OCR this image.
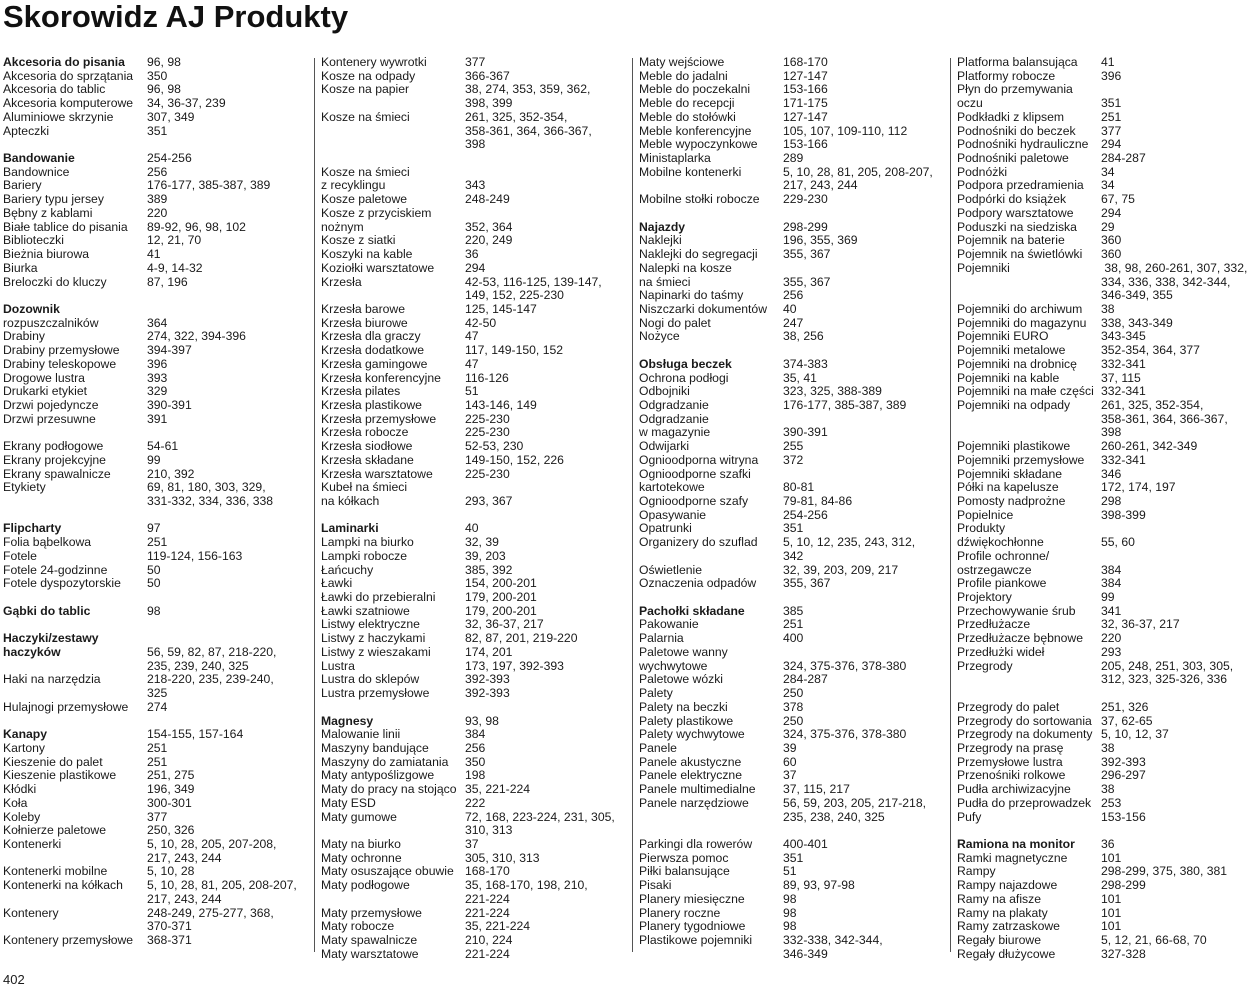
Skorowidz AJ Produkty
Akcesoria do pisania	96, 98
Akcesoria do sprzątania	350
Akcesoria do tablic	96, 98
Akcesoria komputerowe	34, 36-37, 239
Aluminiowe skrzynie	307, 349
Apteczki	351

Bandowanie	254-256
Bandownice	256
Bariery	176-177, 385-387, 389
Bariery typu jersey	389
Bębny z kablami	220
Białe tablice do pisania	89-92, 96, 98, 102
Biblioteczki	12, 21, 70
Bieżnia biurowa	41
Biurka	4-9, 14-32
Breloczki do kluczy	87, 196

Dozownik
rozpuszczalników	364
Drabiny	274, 322, 394-396
Drabiny przemysłowe	394-397
Drabiny teleskopowe	396
Drogowe lustra	393
Drukarki etykiet	329
Drzwi pojedyncze	390-391
Drzwi przesuwne	391

Ekrany podłogowe	54-61
Ekrany projekcyjne	99
Ekrany spawalnicze	210, 392
Etykiety	69, 81, 180, 303, 329,
331-332, 334, 336, 338

Flipcharty	97
Folia bąbelkowa	251
Fotele	119-124, 156-163
Fotele 24-godzinne	50
Fotele dyspozytorskie	50

Gąbki do tablic	98

Haczyki/zestawy
haczyków	56, 59, 82, 87, 218-220,
235, 239, 240, 325
Haki na narzędzia	218-220, 235, 239-240,
325
Hulajnogi przemysłowe	274

Kanapy	154-155, 157-164
Kartony	251
Kieszenie do palet	251
Kieszenie plastikowe	251, 275
Kłódki	196, 349
Koła	300-301
Koleby	377
Kołnierze paletowe	250, 326
Kontenerki	5, 10, 28, 205, 207-208,
217, 243, 244
Kontenerki mobilne	5, 10, 28
Kontenerki na kółkach	5, 10, 28, 81, 205, 208-207,
217, 243, 244
Kontenery	248-249, 275-277, 368,
370-371
Kontenery przemysłowe	368-371
Kontenery wywrotki	377
Kosze na odpady	366-367
Kosze na papier	38, 274, 353, 359, 362,
398, 399
Kosze na śmieci	261, 325, 352-354,
358-361, 364, 366-367,
398

Kosze na śmieci
z recyklingu	343
Kosze paletowe	248-249
Kosze z przyciskiem
nożnym	352, 364
Kosze z siatki	220, 249
Koszyki na kable	36
Koziołki warsztatowe	294
Krzesła	42-53, 116-125, 139-147,
149, 152, 225-230
Krzesła barowe	125, 145-147
Krzesła biurowe	42-50
Krzesła dla graczy	47
Krzesła dodatkowe	117, 149-150, 152
Krzesła gamingowe	47
Krzesła konferencyjne	116-126
Krzesła pilates	51
Krzesła plastikowe	143-146, 149
Krzesła przemysłowe	225-230
Krzesła robocze	225-230
Krzesła siodłowe	52-53, 230
Krzesła składane	149-150, 152, 226
Krzesła warsztatowe	225-230
Kubeł na śmieci
na kółkach	293, 367

Laminarki	40
Lampki na biurko	32, 39
Lampki robocze	39, 203
Łańcuchy	385, 392
Ławki	154, 200-201
Ławki do przebieralni	179, 200-201
Ławki szatniowe	179, 200-201
Listwy elektryczne	32, 36-37, 217
Listwy z haczykami	82, 87, 201, 219-220
Listwy z wieszakami	174, 201
Lustra	173, 197, 392-393
Lustra do sklepów	392-393
Lustra przemysłowe	392-393

Magnesy	93, 98
Malowanie linii	384
Maszyny bandujące	256
Maszyny do zamiatania	350
Maty antypoślizgowe	198
Maty do pracy na stojąco 35, 221-224
Maty ESD	222
Maty gumowe	72, 168, 223-224, 231, 305,
310, 313
Maty na biurko	37
Maty ochronne	305, 310, 313
Maty osuszające obuwie 168-170
Maty podłogowe	35, 168-170, 198, 210,
221-224
Maty przemysłowe	221-224
Maty robocze	35, 221-224
Maty spawalnicze	210, 224
Maty warsztatowe	221-224
Maty wejściowe	168-170
Meble do jadalni	127-147
Meble do poczekalni	153-166
Meble do recepcji	171-175
Meble do stołówki	127-147
Meble konferencyjne	105, 107, 109-110, 112
Meble wypoczynkowe	153-166
Ministaplarka	289
Mobilne kontenerki	5, 10, 28, 81, 205, 208-207,
217, 243, 244
Mobilne stołki robocze	229-230

Najazdy	298-299
Naklejki	196, 355, 369
Naklejki do segregacji	355, 367
Nalepki na kosze
na śmieci	355, 367
Napinarki do taśmy	256
Niszczarki dokumentów	40
Nogi do palet	247
Nożyce	38, 256

Obsługa beczek	374-383
Ochrona podłogi	35, 41
Odbojniki	323, 325, 388-389
Odgradzanie	176-177, 385-387, 389
Odgradzanie
w magazynie	390-391
Odwijarki	255
Ognioodporna witryna	372
Ognioodporne szafki
kartotekowe	80-81
Ognioodporne szafy	79-81, 84-86
Opasywanie	254-256
Opatrunki	351
Organizery do szuflad	5, 10, 12, 235, 243, 312,
342
Oświetlenie	32, 39, 203, 209, 217
Oznaczenia odpadów	355, 367

Pachołki składane	385
Pakowanie	251
Palarnia	400
Paletowe wanny
wychwytowe	324, 375-376, 378-380
Paletowe wózki	284-287
Palety	250
Palety na beczki	378
Palety plastikowe	250
Palety wychwytowe	324, 375-376, 378-380
Panele	39
Panele akustyczne	60
Panele elektryczne	37
Panele multimedialne	37, 115, 217
Panele narzędziowe	56, 59, 203, 205, 217-218,
235, 238, 240, 325

Parkingi dla rowerów	400-401
Pierwsza pomoc	351
Piłki balansujące	51
Pisaki	89, 93, 97-98
Planery miesięczne	98
Planery roczne	98
Planery tygodniowe	98
Plastikowe pojemniki	332-338, 342-344,
346-349
Platforma balansująca	41
Platformy robocze	396
Płyn do przemywania
oczu	351
Podkładki z klipsem	251
Podnośniki do beczek	377
Podnośniki hydrauliczne	294
Podnośniki paletowe	284-287
Podnóżki	34
Podpora przedramienia	34
Podpórki do książek	67, 75
Podpory warsztatowe	294
Poduszki na siedziska	29
Pojemnik na baterie	360
Pojemnik na świetlówki	360
Pojemniki	38, 98, 260-261, 307, 332,
334, 336, 338, 342-344,
346-349, 355
Pojemniki do archiwum	38
Pojemniki do magazynu	338, 343-349
Pojemniki EURO	343-345
Pojemniki metalowe	352-354, 364, 377
Pojemniki na drobnicę	332-341
Pojemniki na kable	37, 115
Pojemniki na małe części 332-341
Pojemniki na odpady	261, 325, 352-354,
358-361, 364, 366-367,
398
Pojemniki plastikowe	260-261, 342-349
Pojemniki przemysłowe	332-341
Pojemniki składane	346
Półki na kapelusze	172, 174, 197
Pomosty nadprożne	298
Popielnice	398-399
Produkty
dźwiękochłonne	55, 60
Profile ochronne/
ostrzegawcze	384
Profile piankowe	384
Projektory	99
Przechowywanie śrub	341
Przedłużacze	32, 36-37, 217
Przedłużacze bębnowe	220
Przedłużki wideł	293
Przegrody	205, 248, 251, 303, 305,
312, 323, 325-326, 336

Przegrody do palet	251, 326
Przegrody do sortowania 37, 62-65
Przegrody na dokumenty 5, 10, 12, 37
Przegrody na prasę	38
Przemysłowe lustra	392-393
Przenośniki rolkowe	296-297
Pudła archiwizacyjne	38
Pudła do przeprowadzek 253
Pufy	153-156

Ramiona na monitor	36
Ramki magnetyczne	101
Rampy	298-299, 375, 380, 381
Rampy najazdowe	298-299
Ramy na afisze	101
Ramy na plakaty	101
Ramy zatrzaskowe	101
Regały biurowe	5, 12, 21, 66-68, 70
Regały dłużycowe	327-328

402
